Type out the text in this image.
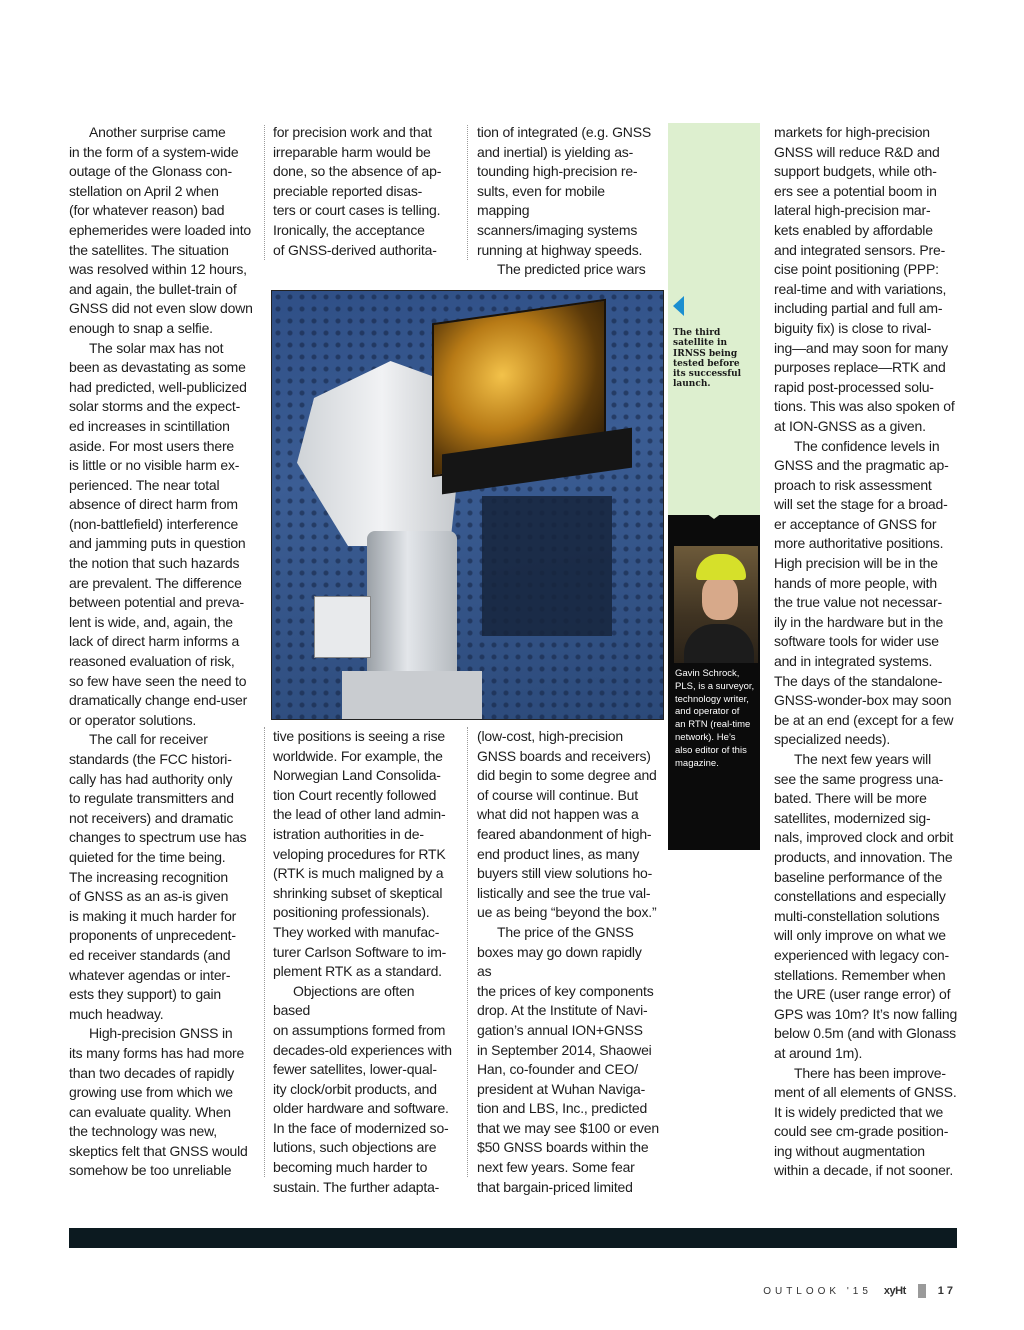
Another surprise came
in the form of a system-wide
outage of the Glonass con-
stellation on April 2 when
(for whatever reason) bad
ephemerides were loaded into
the satellites. The situation
was resolved within 12 hours,
and again, the bullet-train of
GNSS did not even slow down
enough to snap a selfie.

The solar max has not
been as devastating as some
had predicted, well-publicized
solar storms and the expect-
ed increases in scintillation
aside. For most users there
is little or no visible harm ex-
perienced. The near total
absence of direct harm from
(non-battlefield) interference
and jamming puts in question
the notion that such hazards
are prevalent. The difference
between potential and preva-
lent is wide, and, again, the
lack of direct harm informs a
reasoned evaluation of risk,
so few have seen the need to
dramatically change end-user
or operator solutions.

The call for receiver
standards (the FCC histori-
cally has had authority only
to regulate transmitters and
not receivers) and dramatic
changes to spectrum use has
quieted for the time being.
The increasing recognition
of GNSS as an as-is given
is making it much harder for
proponents of unprecedent-
ed receiver standards (and
whatever agendas or inter-
ests they support) to gain
much headway.

High-precision GNSS in
its many forms has had more
than two decades of rapidly
growing use from which we
can evaluate quality. When
the technology was new,
skeptics felt that GNSS would
somehow be too unreliable

for precision work and that
irreparable harm would be
done, so the absence of ap-
preciable reported disas-
ters or court cases is telling.
Ironically, the acceptance
of GNSS-derived authorita-

tion of integrated (e.g. GNSS
and inertial) is yielding as-
tounding high-precision re-
sults, even for mobile mapping
scanners/imaging systems
running at highway speeds.

The predicted price wars

tive positions is seeing a rise
worldwide. For example, the
Norwegian Land Consolida-
tion Court recently followed
the lead of other land admin-
istration authorities in de-
veloping procedures for RTK
(RTK is much maligned by a
shrinking subset of skeptical
positioning professionals).
They worked with manufac-
turer Carlson Software to im-
plement RTK as a standard.

Objections are often based
on assumptions formed from
decades-old experiences with
fewer satellites, lower-qual-
ity clock/orbit products, and
older hardware and software.
In the face of modernized so-
lutions, such objections are
becoming much harder to
sustain. The further adapta-

(low-cost, high-precision
GNSS boards and receivers)
did begin to some degree and
of course will continue. But
what did not happen was a
feared abandonment of high-
end product lines, as many
buyers still view solutions ho-
listically and see the true val-
ue as being “beyond the box.”

The price of the GNSS
boxes may go down rapidly as
the prices of key components
drop. At the Institute of Navi-
gation’s annual ION+GNSS
in September 2014, Shaowei
Han, co-founder and CEO/
president at Wuhan Naviga-
tion and LBS, Inc., predicted
that we may see $100 or even
$50 GNSS boards within the
next few years. Some fear
that bargain-priced limited

The third
satellite in
IRNSS being
tested before
its successful
launch.

Gavin Schrock,
PLS, is a surveyor,
technology writer,
and operator of
an RTN (real-time
network). He’s
also editor of this
magazine.

markets for high-precision
GNSS will reduce R&D and
support budgets, while oth-
ers see a potential boom in
lateral high-precision mar-
kets enabled by affordable
and integrated sensors. Pre-
cise point positioning (PPP:
real-time and with variations,
including partial and full am-
biguity fix) is close to rival-
ing—and may soon for many
purposes replace—RTK and
rapid post-processed solu-
tions. This was also spoken of
at ION-GNSS as a given.

The confidence levels in
GNSS and the pragmatic ap-
proach to risk assessment
will set the stage for a broad-
er acceptance of GNSS for
more authoritative positions.
High precision will be in the
hands of more people, with
the true value not necessar-
ily in the hardware but in the
software tools for wider use
and in integrated systems.
The days of the standalone-
GNSS-wonder-box may soon
be at an end (except for a few
specialized needs).

The next few years will
see the same progress una-
bated. There will be more
satellites, modernized sig-
nals, improved clock and orbit
products, and innovation. The
baseline performance of the
constellations and especially
multi-constellation solutions
will only improve on what we
experienced with legacy con-
stellations. Remember when
the URE (user range error) of
GPS was 10m? It’s now falling
below 0.5m (and with Glonass
at around 1m).

There has been improve-
ment of all elements of GNSS.
It is widely predicted that we
could see cm-grade position-
ing without augmentation
within a decade, if not sooner.

OUTLOOK '15 xyHt	17
